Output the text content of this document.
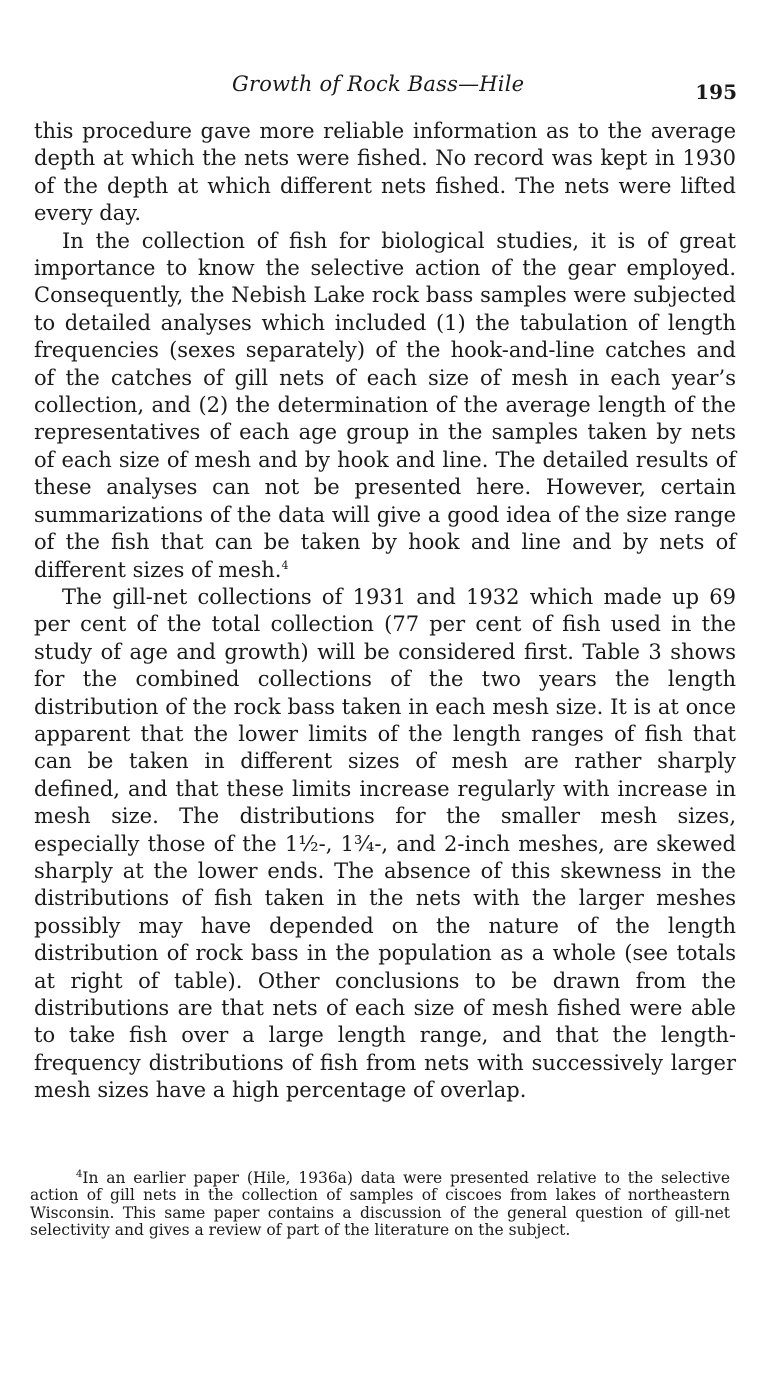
Growth of Rock Bass—Hile	195

this procedure gave more reliable information as to the average depth at which the nets were fished. No record was kept in 1930 of the depth at which different nets fished. The nets were lifted every day.

In the collection of fish for biological studies, it is of great importance to know the selective action of the gear employed. Consequently, the Nebish Lake rock bass samples were subjected to detailed analyses which included (1) the tabulation of length frequencies (sexes separately) of the hook-and-line catches and of the catches of gill nets of each size of mesh in each year’s collection, and (2) the determination of the average length of the representatives of each age group in the samples taken by nets of each size of mesh and by hook and line. The detailed results of these analyses can not be presented here. However, certain summarizations of the data will give a good idea of the size range of the fish that can be taken by hook and line and by nets of different sizes of mesh.$^4$

The gill-net collections of 1931 and 1932 which made up 69 per cent of the total collection (77 per cent of fish used in the study of age and growth) will be considered first. Table 3 shows for the combined collections of the two years the length distribution of the rock bass taken in each mesh size. It is at once apparent that the lower limits of the length ranges of fish that can be taken in different sizes of mesh are rather sharply defined, and that these limits increase regularly with increase in mesh size. The distributions for the smaller mesh sizes, especially those of the 1½-, 1¾-, and 2-inch meshes, are skewed sharply at the lower ends. The absence of this skewness in the distributions of fish taken in the nets with the larger meshes possibly may have depended on the nature of the length distribution of rock bass in the population as a whole (see totals at right of table). Other conclusions to be drawn from the distributions are that nets of each size of mesh fished were able to take fish over a large length range, and that the length-frequency distributions of fish from nets with successively larger mesh sizes have a high percentage of overlap.

$^4$In an earlier paper (Hile, 1936a) data were presented relative to the selective action of gill nets in the collection of samples of ciscoes from lakes of northeastern Wisconsin. This same paper contains a discussion of the general question of gill-net selectivity and gives a review of part of the literature on the subject.
